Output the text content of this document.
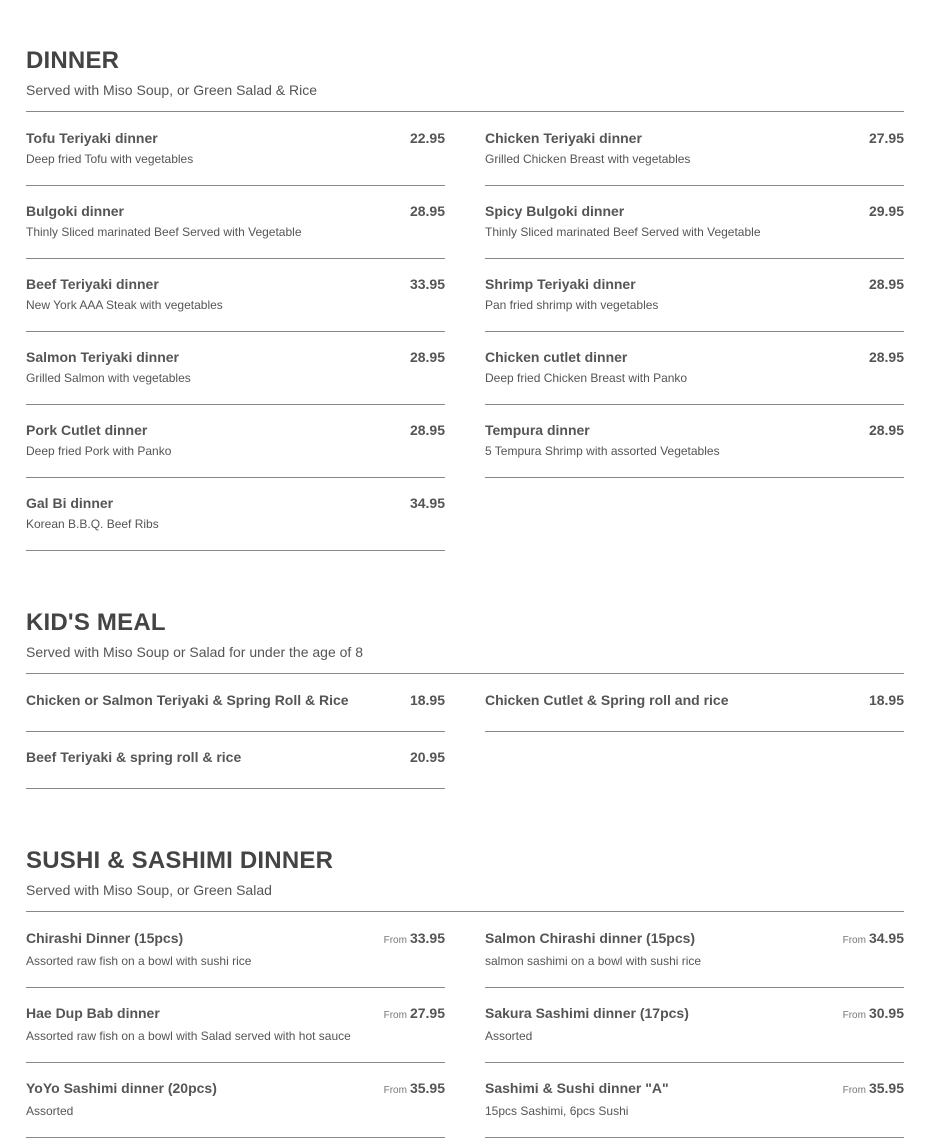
DINNER
Served with Miso Soup, or Green Salad & Rice
Tofu Teriyaki dinner	22.95
Deep fried Tofu with vegetables
Chicken Teriyaki dinner	27.95
Grilled Chicken Breast with vegetables
Bulgoki dinner	28.95
Thinly Sliced marinated Beef Served with Vegetable
Spicy Bulgoki dinner	29.95
Thinly Sliced marinated Beef Served with Vegetable
Beef Teriyaki dinner	33.95
New York AAA Steak with vegetables
Shrimp Teriyaki dinner	28.95
Pan fried shrimp with vegetables
Salmon Teriyaki dinner	28.95
Grilled Salmon with vegetables
Chicken cutlet dinner	28.95
Deep fried Chicken Breast with Panko
Pork Cutlet dinner	28.95
Deep fried Pork with Panko
Tempura dinner	28.95
5 Tempura Shrimp with assorted Vegetables
Gal Bi dinner	34.95
Korean B.B.Q. Beef Ribs
KID'S MEAL
Served with Miso Soup or Salad for under the age of 8
Chicken or Salmon Teriyaki & Spring Roll & Rice	18.95	Chicken Cutlet & Spring roll and rice	18.95
Beef Teriyaki & spring roll & rice	20.95
SUSHI & SASHIMI DINNER
Served with Miso Soup, or Green Salad
Chirashi Dinner (15pcs)	From 33.95
Assorted raw fish on a bowl with sushi rice
Salmon Chirashi dinner (15pcs)	From 34.95
salmon sashimi on a bowl with sushi rice
Hae Dup Bab dinner	From 27.95
Assorted raw fish on a bowl with Salad served with hot sauce
Sakura Sashimi dinner (17pcs)	From 30.95
Assorted
YoYo Sashimi dinner (20pcs)	From 35.95
Assorted
Sashimi & Sushi dinner "A"	From 35.95
15pcs Sashimi, 6pcs Sushi
